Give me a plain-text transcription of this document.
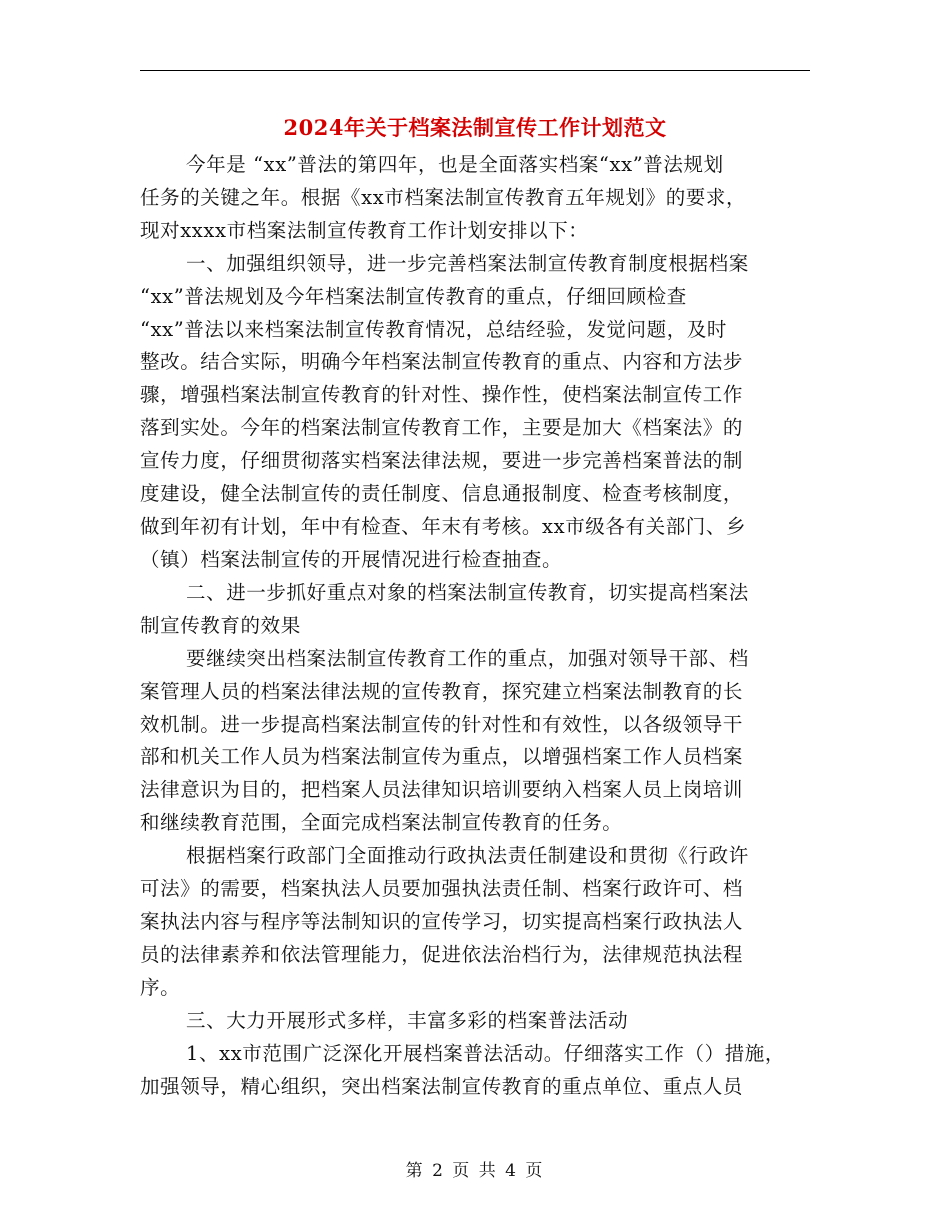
2024年关于档案法制宣传工作计划范文
今年是 “xx”普法的第四年，也是全面落实档案“xx”普法规划
任务的关键之年。根据《xx市档案法制宣传教育五年规划》的要求，
现对xxxx市档案法制宣传教育工作计划安排以下：
一、加强组织领导，进一步完善档案法制宣传教育制度根据档案
“xx”普法规划及今年档案法制宣传教育的重点，仔细回顾检查
“xx”普法以来档案法制宣传教育情况，总结经验，发觉问题，及时
整改。结合实际，明确今年档案法制宣传教育的重点、内容和方法步
骤，增强档案法制宣传教育的针对性、操作性，使档案法制宣传工作
落到实处。今年的档案法制宣传教育工作，主要是加大《档案法》的
宣传力度，仔细贯彻落实档案法律法规，要进一步完善档案普法的制
度建设，健全法制宣传的责任制度、信息通报制度、检查考核制度，
做到年初有计划，年中有检查、年末有考核。xx市级各有关部门、乡
（镇）档案法制宣传的开展情况进行检查抽查。
二、进一步抓好重点对象的档案法制宣传教育，切实提高档案法
制宣传教育的效果
要继续突出档案法制宣传教育工作的重点，加强对领导干部、档
案管理人员的档案法律法规的宣传教育，探究建立档案法制教育的长
效机制。进一步提高档案法制宣传的针对性和有效性，以各级领导干
部和机关工作人员为档案法制宣传为重点，以增强档案工作人员档案
法律意识为目的，把档案人员法律知识培训要纳入档案人员上岗培训
和继续教育范围，全面完成档案法制宣传教育的任务。
根据档案行政部门全面推动行政执法责任制建设和贯彻《行政许
可法》的需要，档案执法人员要加强执法责任制、档案行政许可、档
案执法内容与程序等法制知识的宣传学习，切实提高档案行政执法人
员的法律素养和依法管理能力，促进依法治档行为，法律规范执法程
序。
三、大力开展形式多样，丰富多彩的档案普法活动
1、xx市范围广泛深化开展档案普法活动。仔细落实工作（）措施，
加强领导，精心组织，突出档案法制宣传教育的重点单位、重点人员
第 2 页 共 4 页
